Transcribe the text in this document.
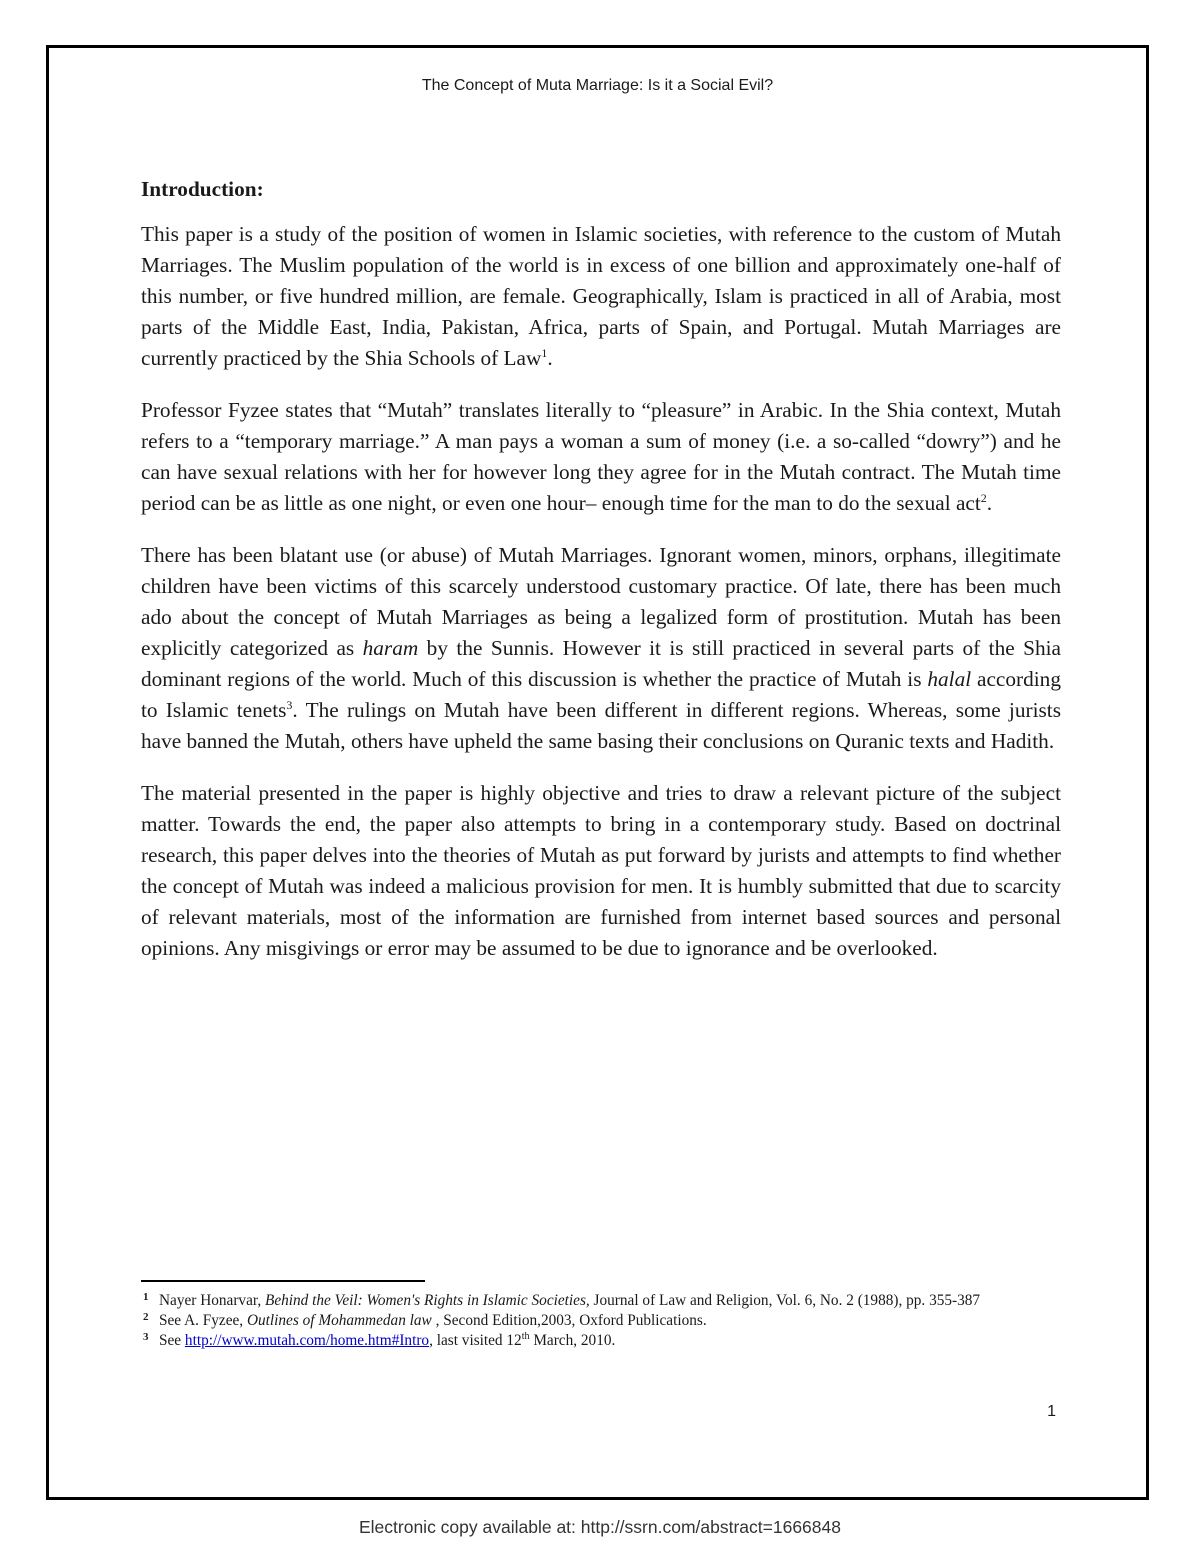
The Concept of Muta Marriage: Is it a Social Evil?
Introduction:

This paper is a study of the position of women in Islamic societies, with reference to the custom of Mutah Marriages. The Muslim population of the world is in excess of one billion and approximately one-half of this number, or five hundred million, are female. Geographically, Islam is practiced in all of Arabia, most parts of the Middle East, India, Pakistan, Africa, parts of Spain, and Portugal. Mutah Marriages are currently practiced by the Shia Schools of Law$^1$.

Professor Fyzee states that “Mutah” translates literally to “pleasure” in Arabic. In the Shia context, Mutah refers to a “temporary marriage.” A man pays a woman a sum of money (i.e. a so-called “dowry”) and he can have sexual relations with her for however long they agree for in the Mutah contract. The Mutah time period can be as little as one night, or even one hour– enough time for the man to do the sexual act$^2$.

There has been blatant use (or abuse) of Mutah Marriages. Ignorant women, minors, orphans, illegitimate children have been victims of this scarcely understood customary practice. Of late, there has been much ado about the concept of Mutah Marriages as being a legalized form of prostitution. Mutah has been explicitly categorized as haram by the Sunnis. However it is still practiced in several parts of the Shia dominant regions of the world. Much of this discussion is whether the practice of Mutah is halal according to Islamic tenets$^3$. The rulings on Mutah have been different in different regions. Whereas, some jurists have banned the Mutah, others have upheld the same basing their conclusions on Quranic texts and Hadith.

The material presented in the paper is highly objective and tries to draw a relevant picture of the subject matter. Towards the end, the paper also attempts to bring in a contemporary study. Based on doctrinal research, this paper delves into the theories of Mutah as put forward by jurists and attempts to find whether the concept of Mutah was indeed a malicious provision for men. It is humbly submitted that due to scarcity of relevant materials, most of the information are furnished from internet based sources and personal opinions. Any misgivings or error may be assumed to be due to ignorance and be overlooked.

1 Nayer Honarvar, Behind the Veil: Women's Rights in Islamic Societies, Journal of Law and Religion, Vol. 6, No. 2 (1988), pp. 355-387

2 See A. Fyzee, Outlines of Mohammedan law , Second Edition,2003, Oxford Publications.

3 See http://www.mutah.com/home.htm#Intro, last visited 12th March, 2010.

1
Electronic copy available at: http://ssrn.com/abstract=1666848
